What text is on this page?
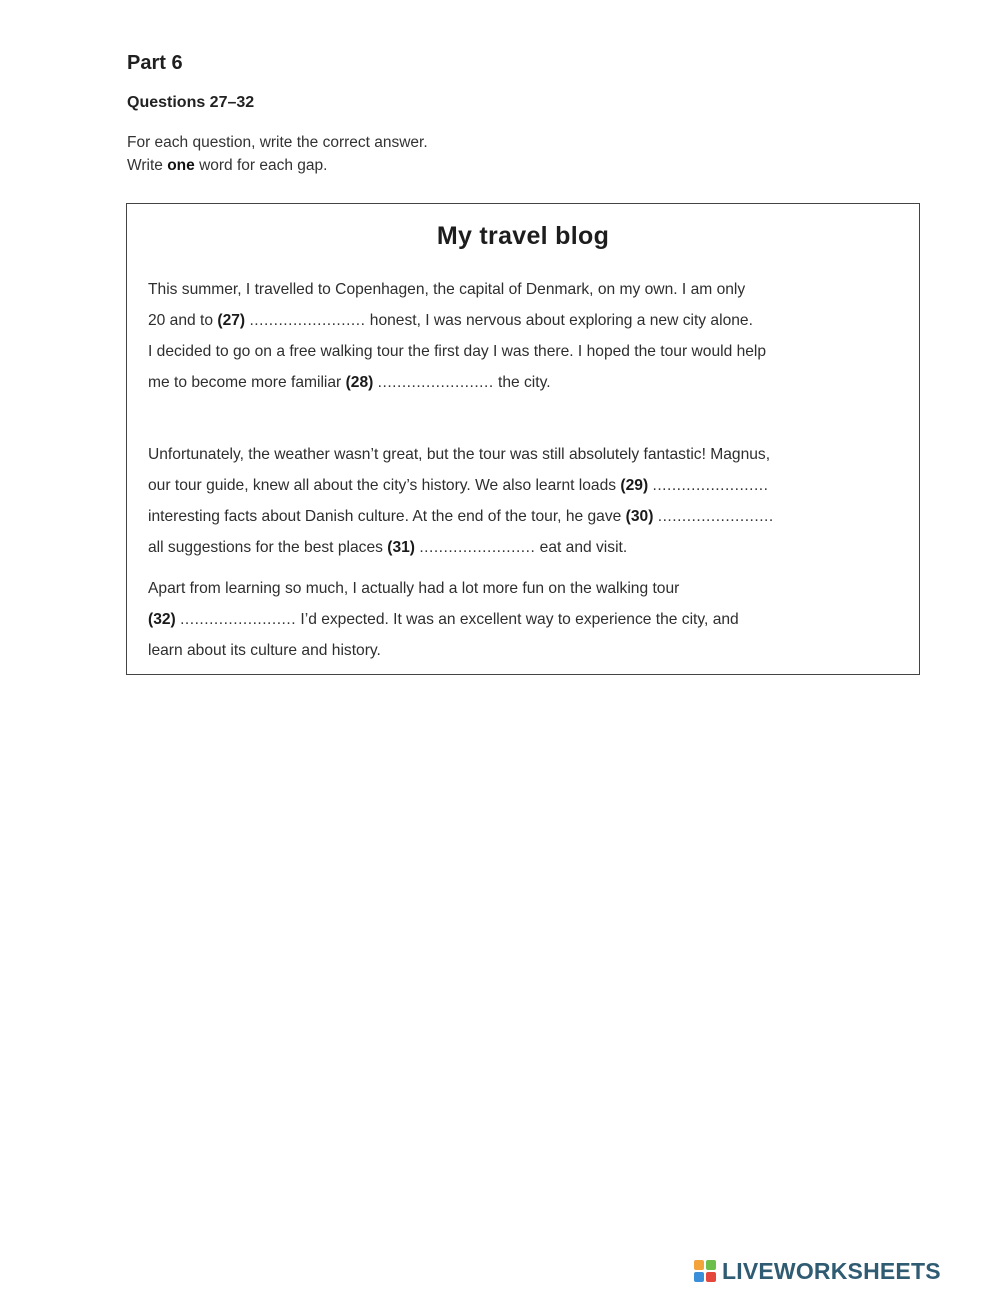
Part 6
Questions 27–32

For each question, write the correct answer.

Write one word for each gap.

My travel blog

This summer, I travelled to Copenhagen, the capital of Denmark, on my own. I am only
20 and to (27) ........................ honest, I was nervous about exploring a new city alone.
I decided to go on a free walking tour the first day I was there. I hoped the tour would help
me to become more familiar (28) ........................ the city.

Unfortunately, the weather wasn’t great, but the tour was still absolutely fantastic! Magnus,
our tour guide, knew all about the city’s history. We also learnt loads (29) ........................
interesting facts about Danish culture. At the end of the tour, he gave (30) ........................
all suggestions for the best places (31) ........................ eat and visit.

Apart from learning so much, I actually had a lot more fun on the walking tour
(32) ........................ I’d expected. It was an excellent way to experience the city, and
learn about its culture and history.

LIVEWORKSHEETS
